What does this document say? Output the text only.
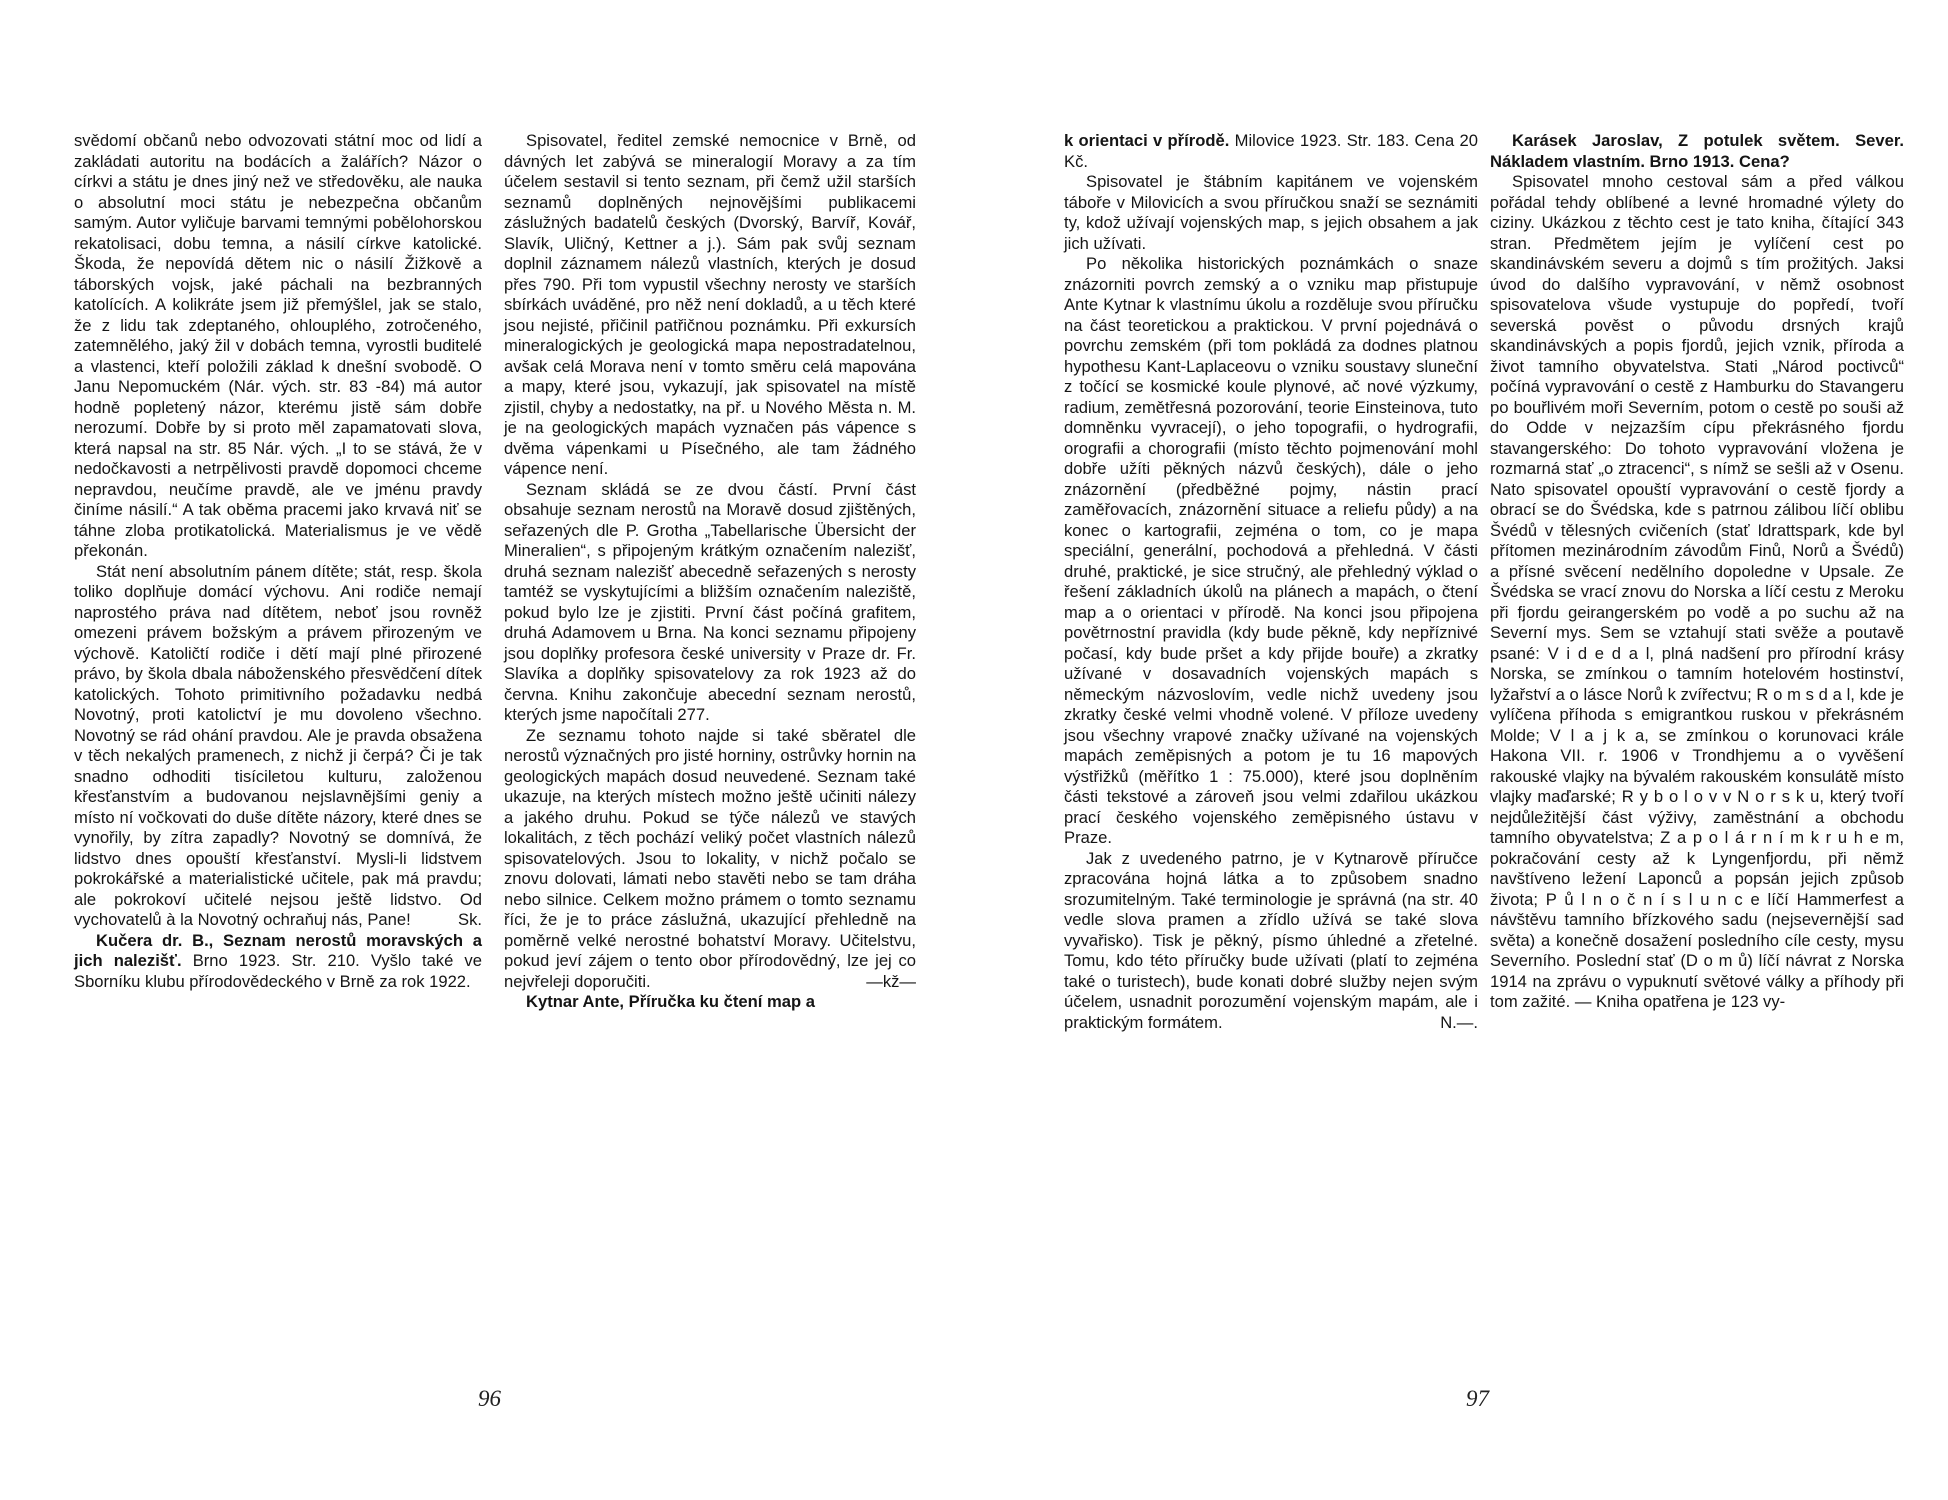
svědomí občanů nebo odvozovati státní moc od lidí a zakládati autoritu na bodácích a žalářích? Názor o církvi a státu je dnes jiný než ve středověku, ale nauka o absolutní moci státu je nebezpečna občanům samým. Autor vyličuje barvami temnými pobělohorskou rekatolisaci, dobu temna, a násilí církve katolické. Škoda, že nepovídá dětem nic o násilí Žižkově a táborských vojsk, jaké páchali na bezbranných katolících. A kolikráte jsem již přemýšlel, jak se stalo, že z lidu tak zdeptaného, ohlouplého, zotročeného, zatemnělého, jaký žil v dobách temna, vyrostli buditelé a vlastenci, kteří položili základ k dnešní svobodě. O Janu Nepomuckém (Nár. vých. str. 83 -84) má autor hodně popletený názor, kterému jistě sám dobře nerozumí. Dobře by si proto měl zapamatovati slova, která napsal na str. 85 Nár. vých. „I to se stává, že v nedočkavosti a netrpělivosti pravdě dopomoci chceme nepravdou, neučíme pravdě, ale ve jménu pravdy činíme násilí.“ A tak oběma pracemi jako krvavá niť se táhne zloba protikatolická. Materialismus je ve vědě překonán.

Stát není absolutním pánem dítěte; stát, resp. škola toliko doplňuje domácí výchovu. Ani rodiče nemají naprostého práva nad dítětem, neboť jsou rovněž omezeni právem božským a právem přirozeným ve výchově. Katoličtí rodiče i dětí mají plné přirozené právo, by škola dbala náboženského přesvědčení dítek katolických. Tohoto primitivního požadavku nedbá Novotný, proti katolictví je mu dovoleno všechno. Novotný se rád ohání pravdou. Ale je pravda obsažena v těch nekalých pramenech, z nichž ji čerpá? Či je tak snadno odhoditi tisíciletou kulturu, založenou křesťanstvím a budovanou nejslavnějšími geniy a místo ní vočkovati do duše dítěte názory, které dnes se vynořily, by zítra zapadly? Novotný se domnívá, že lidstvo dnes opouští křesťanství. Mysli-li lidstvem pokrokářské a materialistické učitele, pak má pravdu; ale pokrokoví učitelé nejsou ještě lidstvo. Od vychovatelů à la Novotný ochraňuj nás, Pane!	Sk.

Kučera dr. B., Seznam nerostů moravských a jich nalezišť. Brno 1923. Str. 210. Vyšlo také ve Sborníku klubu přírodovědeckého v Brně za rok 1922.

Spisovatel, ředitel zemské nemocnice v Brně, od dávných let zabývá se mineralogií Moravy a za tím účelem sestavil si tento seznam, při čemž užil starších seznamů doplněných nejnovějšími publikacemi záslužných badatelů českých (Dvorský, Barvíř, Kovář, Slavík, Uličný, Kettner a j.). Sám pak svůj seznam doplnil záznamem nálezů vlastních, kterých je dosud přes 790. Při tom vypustil všechny nerosty ve starších sbírkách uváděné, pro něž není dokladů, a u těch které jsou nejisté, přičinil patřičnou poznámku. Při exkursích mineralogických je geologická mapa nepostradatelnou, avšak celá Morava není v tomto směru celá mapována a mapy, které jsou, vykazují, jak spisovatel na místě zjistil, chyby a nedostatky, na př. u Nového Města n. M. je na geologických mapách vyznačen pás vápence s dvěma vápenkami u Písečného, ale tam žádného vápence není.

Seznam skládá se ze dvou částí. První část obsahuje seznam nerostů na Moravě dosud zjištěných, seřazených dle P. Grotha „Tabellarische Übersicht der Mineralien“, s připojeným krátkým označením nalezišť, druhá seznam nalezišť abecedně seřazených s nerosty tamtéž se vyskytujícími a bližším označením naleziště, pokud bylo lze je zjistiti. První část počíná grafitem, druhá Adamovem u Brna. Na konci seznamu připojeny jsou doplňky profesora české university v Praze dr. Fr. Slavíka a doplňky spisovatelovy za rok 1923 až do června. Knihu zakončuje abecední seznam nerostů, kterých jsme napočítali 277.

Ze seznamu tohoto najde si také sběratel dle nerostů význačných pro jisté horniny, ostrůvky hornin na geologických mapách dosud neuvedené. Seznam také ukazuje, na kterých místech možno ještě učiniti nálezy a jakého druhu. Pokud se týče nálezů ve stavých lokalitách, z těch pochází veliký počet vlastních nálezů spisovatelových. Jsou to lokality, v nichž počalo se znovu dolovati, lámati nebo stavěti nebo se tam dráha nebo silnice. Celkem možno prámem o tomto seznamu říci, že je to práce záslužná, ukazující přehledně na poměrně velké nerostné bohatství Moravy. Učitelstvu, pokud jeví zájem o tento obor přírodovědný, lze jej co nejvřeleji doporučiti.	—kž—

Kytnar Ante, Příručka ku čtení map a

96

k orientaci v přírodě. Milovice 1923. Str. 183. Cena 20 Kč.

Spisovatel je štábním kapitánem ve vojenském táboře v Milovicích a svou příručkou snaží se seznámiti ty, kdož užívají vojenských map, s jejich obsahem a jak jich užívati.

Po několika historických poznámkách o snaze znázorniti povrch zemský a o vzniku map přistupuje Ante Kytnar k vlastnímu úkolu a rozděluje svou příručku na část teoretickou a praktickou. V první pojednává o povrchu zemském (při tom pokládá za dodnes platnou hypothesu Kant-Laplaceovu o vzniku soustavy sluneční z točící se kosmické koule plynové, ač nové výzkumy, radium, zemětřesná pozorování, teorie Einsteinova, tuto domněnku vyvracejí), o jeho topografii, o hydrografii, orografii a chorografii (místo těchto pojmenování mohl dobře užíti pěkných názvů českých), dále o jeho znázornění (předběžné pojmy, nástin prací zaměřovacích, znázornění situace a reliefu půdy) a na konec o kartografii, zejména o tom, co je mapa speciální, generální, pochodová a přehledná. V části druhé, praktické, je sice stručný, ale přehledný výklad o řešení základních úkolů na plánech a mapách, o čtení map a o orientaci v přírodě. Na konci jsou připojena povětrnostní pravidla (kdy bude pěkně, kdy nepříznivé počasí, kdy bude pršet a kdy přijde bouře) a zkratky užívané v dosavadních vojenských mapách s německým názvoslovím, vedle nichž uvedeny jsou zkratky české velmi vhodně volené. V příloze uvedeny jsou všechny vrapové značky užívané na vojenských mapách zeměpisných a potom je tu 16 mapových výstřižků (měřítko 1 : 75.000), které jsou doplněním části tekstové a zároveň jsou velmi zdařilou ukázkou prací českého vojenského zeměpisného ústavu v Praze.

Jak z uvedeného patrno, je v Kytnarově příručce zpracována hojná látka a to způsobem snadno srozumitelným. Také terminologie je správná (na str. 40 vedle slova pramen a zřídlo užívá se také slova vyvařisko). Tisk je pěkný, písmo úhledné a zřetelné. Tomu, kdo této příručky bude užívati (platí to zejména také o turistech), bude konati dobré služby nejen svým účelem, usnadnit porozumění vojenským mapám, ale i praktickým formátem.	N.—.

Karásek Jaroslav, Z potulek světem. Sever. Nákladem vlastním. Brno 1913. Cena?

Spisovatel mnoho cestoval sám a před válkou pořádal tehdy oblíbené a levné hromadné výlety do ciziny. Ukázkou z těchto cest je tato kniha, čítající 343 stran. Předmětem jejím je vylíčení cest po skandinávském severu a dojmů s tím prožitých. Jaksi úvod do dalšího vypravování, v němž osobnost spisovatelova všude vystupuje do popředí, tvoří severská pověst o původu drsných krajů skandinávských a popis fjordů, jejich vznik, příroda a život tamního obyvatelstva. Stati „Národ poctivců“ počíná vypravování o cestě z Hamburku do Stavangeru po bouřlivém moři Severním, potom o cestě po souši až do Odde v nejzazším cípu překrásného fjordu stavangerského: Do tohoto vypravování vložena je rozmarná stať „o ztracenci“, s nímž se sešli až v Osenu. Nato spisovatel opouští vypravování o cestě fjordy a obrací se do Švédska, kde s patrnou zálibou líčí oblibu Švédů v tělesných cvičeních (stať Idrattspark, kde byl přítomen mezinárodním závodům Finů, Norů a Švédů) a přísné svěcení nedělního dopoledne v Upsale. Ze Švédska se vrací znovu do Norska a líčí cestu z Meroku při fjordu geirangerském po vodě a po suchu až na Severní mys. Sem se vztahují stati svěže a poutavě psané: V i d e d a l, plná nadšení pro přírodní krásy Norska, se zmínkou o tamním hotelovém hostinství, lyžařství a o lásce Norů k zvířectvu; R o m s d a l, kde je vylíčena příhoda s emigrantkou ruskou v překrásném Molde; V l a j k a, se zmínkou o korunovaci krále Hakona VII. r. 1906 v Trondhjemu a o vyvěšení rakouské vlajky na bývalém rakouském konsulátě místo vlajky maďarské; R y b o l o v v N o r s k u, který tvoří nejdůležitější část výživy, zaměstnání a obchodu tamního obyvatelstva; Z a p o l á r n í m k r u h e m, pokračování cesty až k Lyngenfjordu, při němž navštíveno ležení Laponců a popsán jejich způsob života; P ů l n o č n í s l u n c e líčí Hammerfest a návštěvu tamního břízkového sadu (nejsevernější sad světa) a konečně dosažení posledního cíle cesty, mysu Severního. Poslední stať (D o m ů) líčí návrat z Norska 1914 na zprávu o vypuknutí světové války a příhody při tom zažité. — Kniha opatřena je 123 vy-

97
